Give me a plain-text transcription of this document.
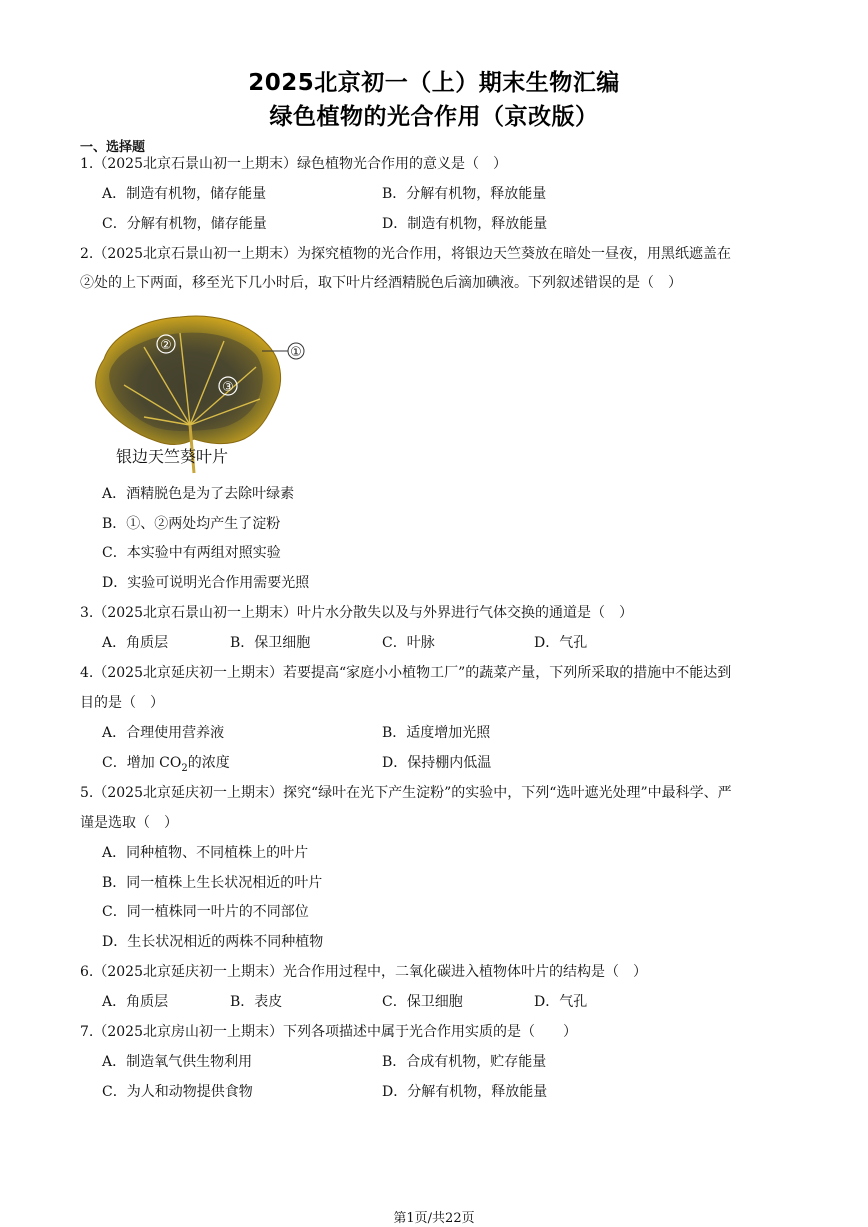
2025北京初一（上）期末生物汇编
绿色植物的光合作用（京改版）
一、选择题
1.（2025北京石景山初一上期末）绿色植物光合作用的意义是（　）
A．制造有机物，储存能量	B．分解有机物，释放能量
C．分解有机物，储存能量	D．制造有机物，释放能量
2.（2025北京石景山初一上期末）为探究植物的光合作用，将银边天竺葵放在暗处一昼夜，用黑纸遮盖在
②处的上下两面，移至光下几小时后，取下叶片经酒精脱色后滴加碘液。下列叙述错误的是（　）
②
③
①
银边天竺葵叶片
A．酒精脱色是为了去除叶绿素
B．①、②两处均产生了淀粉
C．本实验中有两组对照实验
D．实验可说明光合作用需要光照
3.（2025北京石景山初一上期末）叶片水分散失以及与外界进行气体交换的通道是（　）
A．角质层	B．保卫细胞	C．叶脉	D．气孔
4.（2025北京延庆初一上期末）若要提高“家庭小小植物工厂”的蔬菜产量，下列所采取的措施中不能达到
目的是（　）
A．合理使用营养液	B．适度增加光照
C．增加 $CO_2$的浓度	D．保持棚内低温
5.（2025北京延庆初一上期末）探究“绿叶在光下产生淀粉”的实验中，下列“选叶遮光处理”中最科学、严
谨是选取（　）
A．同种植物、不同植株上的叶片
B．同一植株上生长状况相近的叶片
C．同一植株同一叶片的不同部位
D．生长状况相近的两株不同种植物
6.（2025北京延庆初一上期末）光合作用过程中，二氧化碳进入植物体叶片的结构是（　）
A．角质层	B．表皮	C．保卫细胞	D．气孔
7.（2025北京房山初一上期末）下列各项描述中属于光合作用实质的是（　　）
A．制造氧气供生物利用	B．合成有机物，贮存能量
C．为人和动物提供食物	D．分解有机物，释放能量
第1页/共22页
